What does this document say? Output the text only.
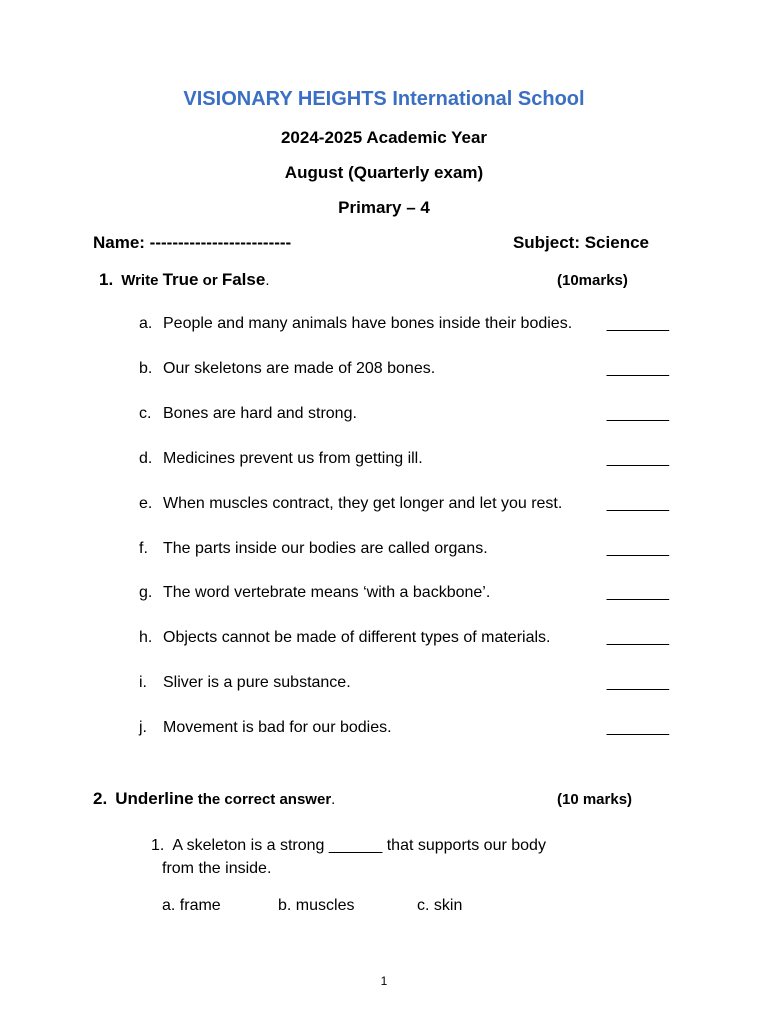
VISIONARY HEIGHTS International School
2024-2025 Academic Year
August (Quarterly exam)
Primary – 4
Name: -------------------------	Subject: Science
1. Write True or False.	(10marks)
a. People and many animals have bones inside their bodies. _______
b. Our skeletons are made of 208 bones.	_______
c. Bones are hard and strong.	_______
d. Medicines prevent us from getting ill.	_______
e. When muscles contract, they get longer and let you rest.	_______
f. The parts inside our bodies are called organs.	_______
g. The word vertebrate means ‘with a backbone’.	_______
h. Objects cannot be made of different types of materials.	_______
i. Sliver is a pure substance.	_______
j. Movement is bad for our bodies.	_______
2. Underline the correct answer.	(10 marks)
1. A skeleton is a strong ______ that supports our body
from the inside.
a. frame	b. muscles	c. skin
1
